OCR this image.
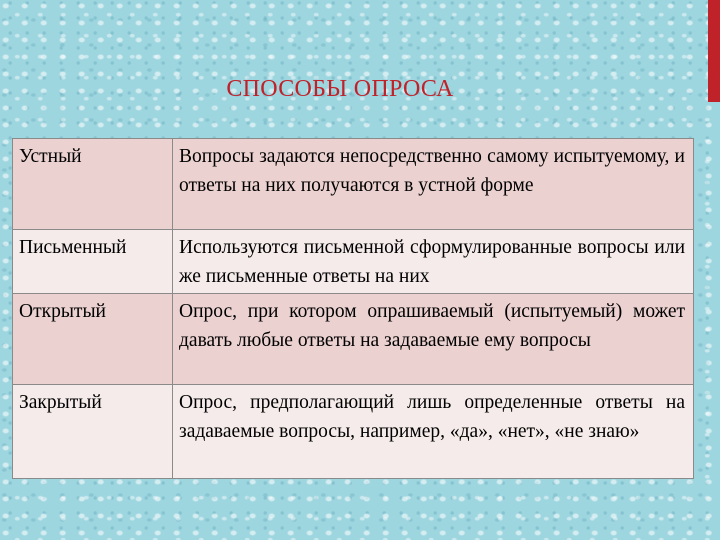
СПОСОБЫ ОПРОСА
Устный	Вопросы задаются непосредственно самому испытуемому, и ответы на них получаются в устной форме
Письменный	Используются письменной сформулированные вопросы или же письменные ответы на них
Открытый	Опрос, при котором опрашиваемый (испытуемый) может давать любые ответы на задаваемые ему вопросы
Закрытый	Опрос, предполагающий лишь определенные ответы на задаваемые вопросы, например, «да», «нет», «не знаю»
